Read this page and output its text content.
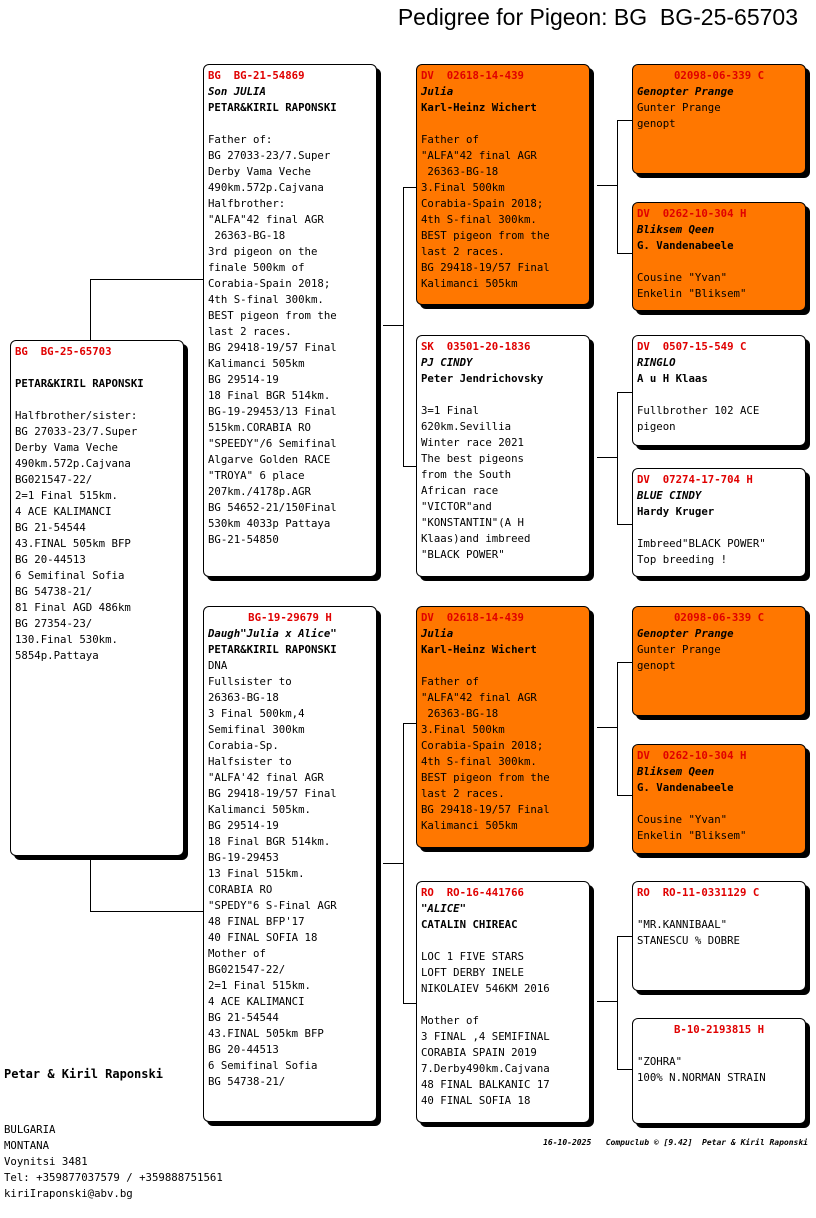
Pedigree for Pigeon: BG  BG-25-65703
BG  BG-25-65703
PETAR&KIRIL RAPONSKI
Halfbrother/sister:
BG 27033-23/7.Super
Derby Vama Veche
490km.572p.Cajvana
BG021547-22/
2=1 Final 515km.
4 ACE KALIMANCI
BG 21-54544
43.FINAL 505km BFP
BG 20-44513
6 Semifinal Sofia
BG 54738-21/
81 Final AGD 486km
BG 27354-23/
130.Final 530km.
5854p.Pattaya
BG  BG-21-54869
Son JULIA
PETAR&KIRIL RAPONSKI
Father of:
BG 27033-23/7.Super
Derby Vama Veche
490km.572p.Cajvana
Halfbrother:
"ALFA"42 final AGR
26363-BG-18
3rd pigeon on the
finale 500km of
Corabia-Spain 2018;
4th S-final 300km.
BEST pigeon from the
last 2 races.
BG 29418-19/57 Final
Kalimanci 505km
BG 29514-19
18 Final BGR 514km.
BG-19-29453/13 Final
515km.CORABIA RO
"SPEEDY"/6 Semifinal
Algarve Golden RACE
"TROYA" 6 place
207km./4178p.AGR
BG 54652-21/150Final
530km 4033p Pattaya
BG-21-54850
BG-19-29679 H
Daugh"Julia x Alice"
PETAR&KIRIL RAPONSKI
DNA
Fullsister to
26363-BG-18
3 Final 500km,4
Semifinal 300km
Corabia-Sp.
Halfsister to
"ALFA'42 final AGR
BG 29418-19/57 Final
Kalimanci 505km.
BG 29514-19
18 Final BGR 514km.
BG-19-29453
13 Final 515km.
CORABIA RO
"SPEDY"6 S-Final AGR
48 FINAL BFP'17
40 FINAL SOFIA 18
Mother of
BG021547-22/
2=1 Final 515km.
4 ACE KALIMANCI
BG 21-54544
43.FINAL 505km BFP
BG 20-44513
6 Semifinal Sofia
BG 54738-21/
DV  02618-14-439
Julia
Karl-Heinz Wichert

Father of
"ALFA"42 final AGR
26363-BG-18
3.Final 500km
Corabia-Spain 2018;
4th S-final 300km.
BEST pigeon from the
last 2 races.
BG 29418-19/57 Final
Kalimanci 505km
SK  03501-20-1836
PJ CINDY
Peter Jendrichovsky

3=1 Final
620km.Sevillia
Winter race 2021
The best pigeons
from the South
African race
"VICTOR"and
"KONSTANTIN"(A H
Klaas)and imbreed
"BLACK POWER"
DV  02618-14-439
Julia
Karl-Heinz Wichert

Father of
"ALFA"42 final AGR
26363-BG-18
3.Final 500km
Corabia-Spain 2018;
4th S-final 300km.
BEST pigeon from the
last 2 races.
BG 29418-19/57 Final
Kalimanci 505km
RO  RO-16-441766
"ALICE"
CATALIN CHIREAC

LOC 1 FIVE STARS
LOFT DERBY INELE
NIKOLAIEV 546KM 2016

Mother of
3 FINAL ,4 SEMIFINAL
CORABIA SPAIN 2019
7.Derby490km.Cajvana
48 FINAL BALKANIC 17
40 FINAL SOFIA 18
02098-06-339 C
Genopter Prange
Gunter Prange
genopt
DV  0262-10-304 H
Bliksem Qeen
G. Vandenabeele

Cousine "Yvan"
Enkelin "Bliksem"
DV  0507-15-549 C
RINGLO
A u H Klaas

Fullbrother 102 ACE
pigeon
DV  07274-17-704 H
BLUE CINDY
Hardy Kruger

Imbreed"BLACK POWER"
Top breeding !
02098-06-339 C
Genopter Prange
Gunter Prange
genopt
DV  0262-10-304 H
Bliksem Qeen
G. Vandenabeele

Cousine "Yvan"
Enkelin "Bliksem"
RO  RO-11-0331129 C

"MR.KANNIBAAL"
STANESCU % DOBRE
B-10-2193815 H

"ZOHRA"
100% N.NORMAN STRAIN

Petar & Kiril Raponski

BULGARIA
MONTANA
Voynitsi 3481
Tel: +359877037579 / +359888751561
kiriIraponski@abv.bg

16-10-2025   Compuclub © [9.42]  Petar & Kiril Raponski
